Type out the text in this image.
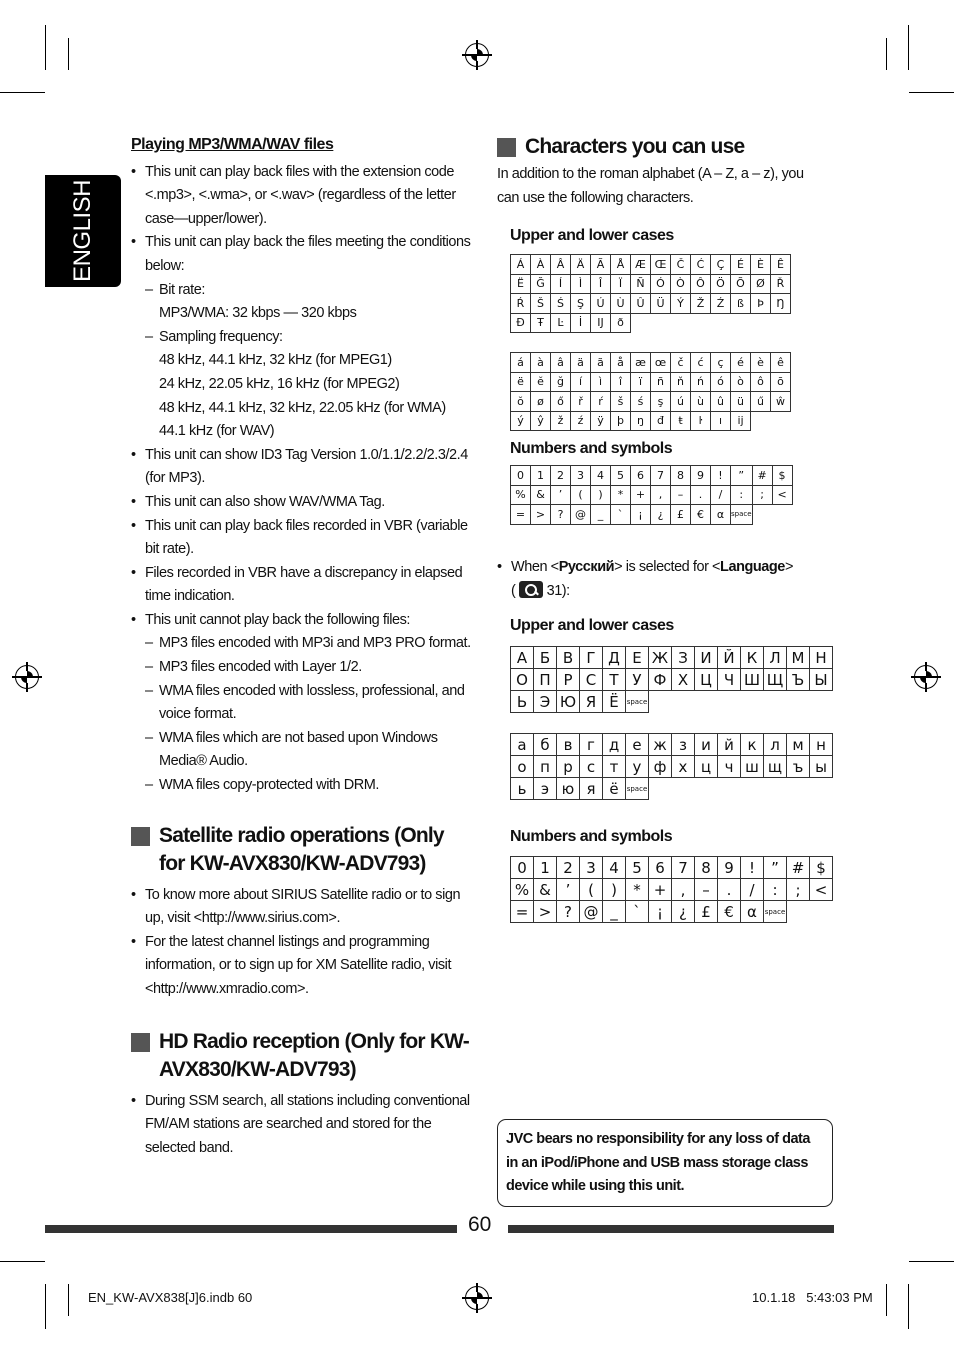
ENGLISH
Playing MP3/WMA/WAV files
• This unit can play back files with the extension code <.mp3>, <.wma>, or <.wav> (regardless of the letter case—upper/lower).
• This unit can play back the files meeting the conditions below:
– Bit rate:
MP3/WMA: 32 kbps — 320 kbps
– Sampling frequency:
48 kHz, 44.1 kHz, 32 kHz (for MPEG1)
24 kHz, 22.05 kHz, 16 kHz (for MPEG2)
48 kHz, 44.1 kHz, 32 kHz, 22.05 kHz (for WMA)
44.1 kHz (for WAV)
• This unit can show ID3 Tag Version 1.0/1.1/2.2/2.3/2.4 (for MP3).
• This unit can also show WAV/WMA Tag.
• This unit can play back files recorded in VBR (variable bit rate).
• Files recorded in VBR have a discrepancy in elapsed time indication.
• This unit cannot play back the following files:
– MP3 files encoded with MP3i and MP3 PRO format.
– MP3 files encoded with Layer 1/2.
– WMA files encoded with lossless, professional, and voice format.
– WMA files which are not based upon Windows Media® Audio.
– WMA files copy-protected with DRM.
Satellite radio operations (Only for KW-AVX830/KW-ADV793)
• To know more about SIRIUS Satellite radio or to sign up, visit <http://www.sirius.com>.
• For the latest channel listings and programming information, or to sign up for XM Satellite radio, visit <http://www.xmradio.com>.
HD Radio reception (Only for KW-AVX830/KW-ADV793)
• During SSM search, all stations including conventional FM/AM stations are searched and stored for the selected band.
Characters you can use
In addition to the roman alphabet (A – Z, a – z), you can use the following characters.
Upper and lower cases
Á	À	Â	Ä	Ã	Å	Æ	Œ	Č	Ć	Ç	É	È	Ê
Ë	Ğ	Í	Ì	Î	Ï	Ñ	Ó	Ò	Ô	Ö	Õ	Ø	Ř
Ŕ	Š	Ś	Ş	Ú	Ù	Û	Ü	Ý	Ž	Ź	ß	Þ	Ŋ
Đ	Ŧ	Ŀ	İ	Ĳ	ð								
á	à	â	ä	ã	å	æ	œ	č	ć	ç	é	è	ê
ë	ĕ	ğ	í	ì	î	ï	ñ	ň	ń	ó	ò	ô	ō
ŏ	ø	ő	ř	ŕ	š	ś	ş	ú	ù	û	ü	ű	ŵ
ý	ŷ	ž	ź	ÿ	þ	ŋ	đ	ŧ	ŀ	ı	ĳ		
Numbers and symbols
0	1	2	3	4	5	6	7	8	9	!	”	#	$
%	&	’	(	)	*	+	,	–	.	/	:	;	<
=	>	?	@	_	`	¡	¿	£	€	α	space		
• When <Русский> is selected for <Language>
( 31):
Upper and lower cases
А	Б	В	Г	Д	Е	Ж	З	И	Й	К	Л	М	Н
О	П	Р	С	Т	У	Ф	Х	Ц	Ч	Ш	Щ	Ъ	Ы
Ь	Э	Ю	Я	Ё	space								
а	б	в	г	д	е	ж	з	и	й	к	л	м	н
о	п	р	с	т	у	ф	х	ц	ч	ш	щ	ъ	ы
ь	э	ю	я	ё	space								
Numbers and symbols
0	1	2	3	4	5	6	7	8	9	!	”	#	$
%	&	’	(	)	*	+	,	–	.	/	:	;	<
=	>	?	@	_	`	¡	¿	£	€	α	space		
JVC bears no responsibility for any loss of data in an iPod/iPhone and USB mass storage class device while using this unit.
60
EN_KW-AVX838[J]6.indb 60	10.1.18   5:43:03 PM
